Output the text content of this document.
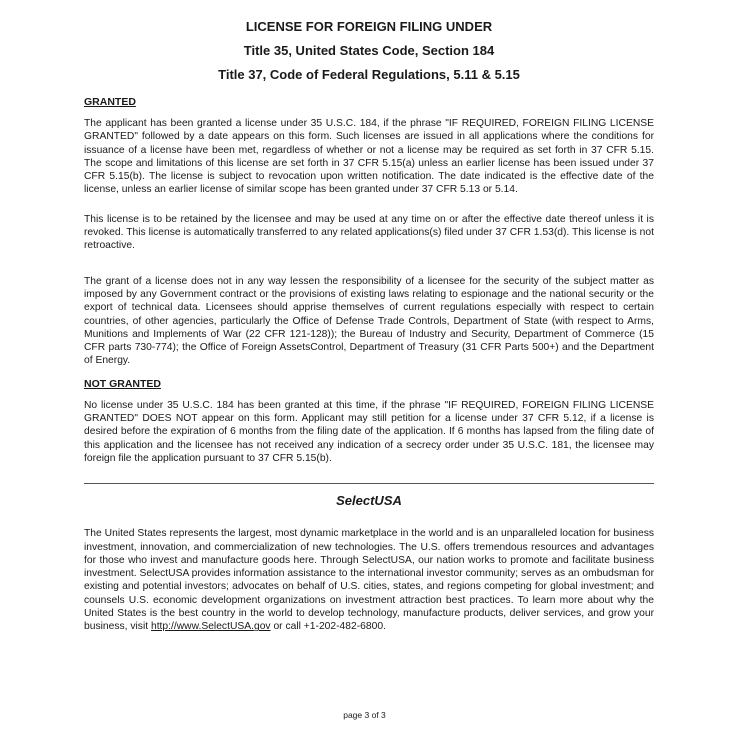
LICENSE FOR FOREIGN FILING UNDER
Title 35, United States Code, Section 184
Title 37, Code of Federal Regulations, 5.11 & 5.15
GRANTED

The applicant has been granted a license under 35 U.S.C. 184, if the phrase "IF REQUIRED, FOREIGN FILING LICENSE GRANTED" followed by a date appears on this form. Such licenses are issued in all applications where the conditions for issuance of a license have been met, regardless of whether or not a license may be required as set forth in 37 CFR 5.15. The scope and limitations of this license are set forth in 37 CFR 5.15(a) unless an earlier license has been issued under 37 CFR 5.15(b). The license is subject to revocation upon written notification. The date indicated is the effective date of the license, unless an earlier license of similar scope has been granted under 37 CFR 5.13 or 5.14.

This license is to be retained by the licensee and may be used at any time on or after the effective date thereof unless it is revoked. This license is automatically transferred to any related applications(s) filed under 37 CFR 1.53(d). This license is not retroactive.

The grant of a license does not in any way lessen the responsibility of a licensee for the security of the subject matter as imposed by any Government contract or the provisions of existing laws relating to espionage and the national security or the export of technical data. Licensees should apprise themselves of current regulations especially with respect to certain countries, of other agencies, particularly the Office of Defense Trade Controls, Department of State (with respect to Arms, Munitions and Implements of War (22 CFR 121-128)); the Bureau of Industry and Security, Department of Commerce (15 CFR parts 730-774); the Office of Foreign AssetsControl, Department of Treasury (31 CFR Parts 500+) and the Department of Energy.

NOT GRANTED

No license under 35 U.S.C. 184 has been granted at this time, if the phrase "IF REQUIRED, FOREIGN FILING LICENSE GRANTED" DOES NOT appear on this form. Applicant may still petition for a license under 37 CFR 5.12, if a license is desired before the expiration of 6 months from the filing date of the application. If 6 months has lapsed from the filing date of this application and the licensee has not received any indication of a secrecy order under 35 U.S.C. 181, the licensee may foreign file the application pursuant to 37 CFR 5.15(b).

SelectUSA

The United States represents the largest, most dynamic marketplace in the world and is an unparalleled location for business investment, innovation, and commercialization of new technologies. The U.S. offers tremendous resources and advantages for those who invest and manufacture goods here. Through SelectUSA, our nation works to promote and facilitate business investment. SelectUSA provides information assistance to the international investor community; serves as an ombudsman for existing and potential investors; advocates on behalf of U.S. cities, states, and regions competing for global investment; and counsels U.S. economic development organizations on investment attraction best practices. To learn more about why the United States is the best country in the world to develop technology, manufacture products, deliver services, and grow your business, visit http://www.SelectUSA.gov or call +1-202-482-6800.

page 3 of 3
